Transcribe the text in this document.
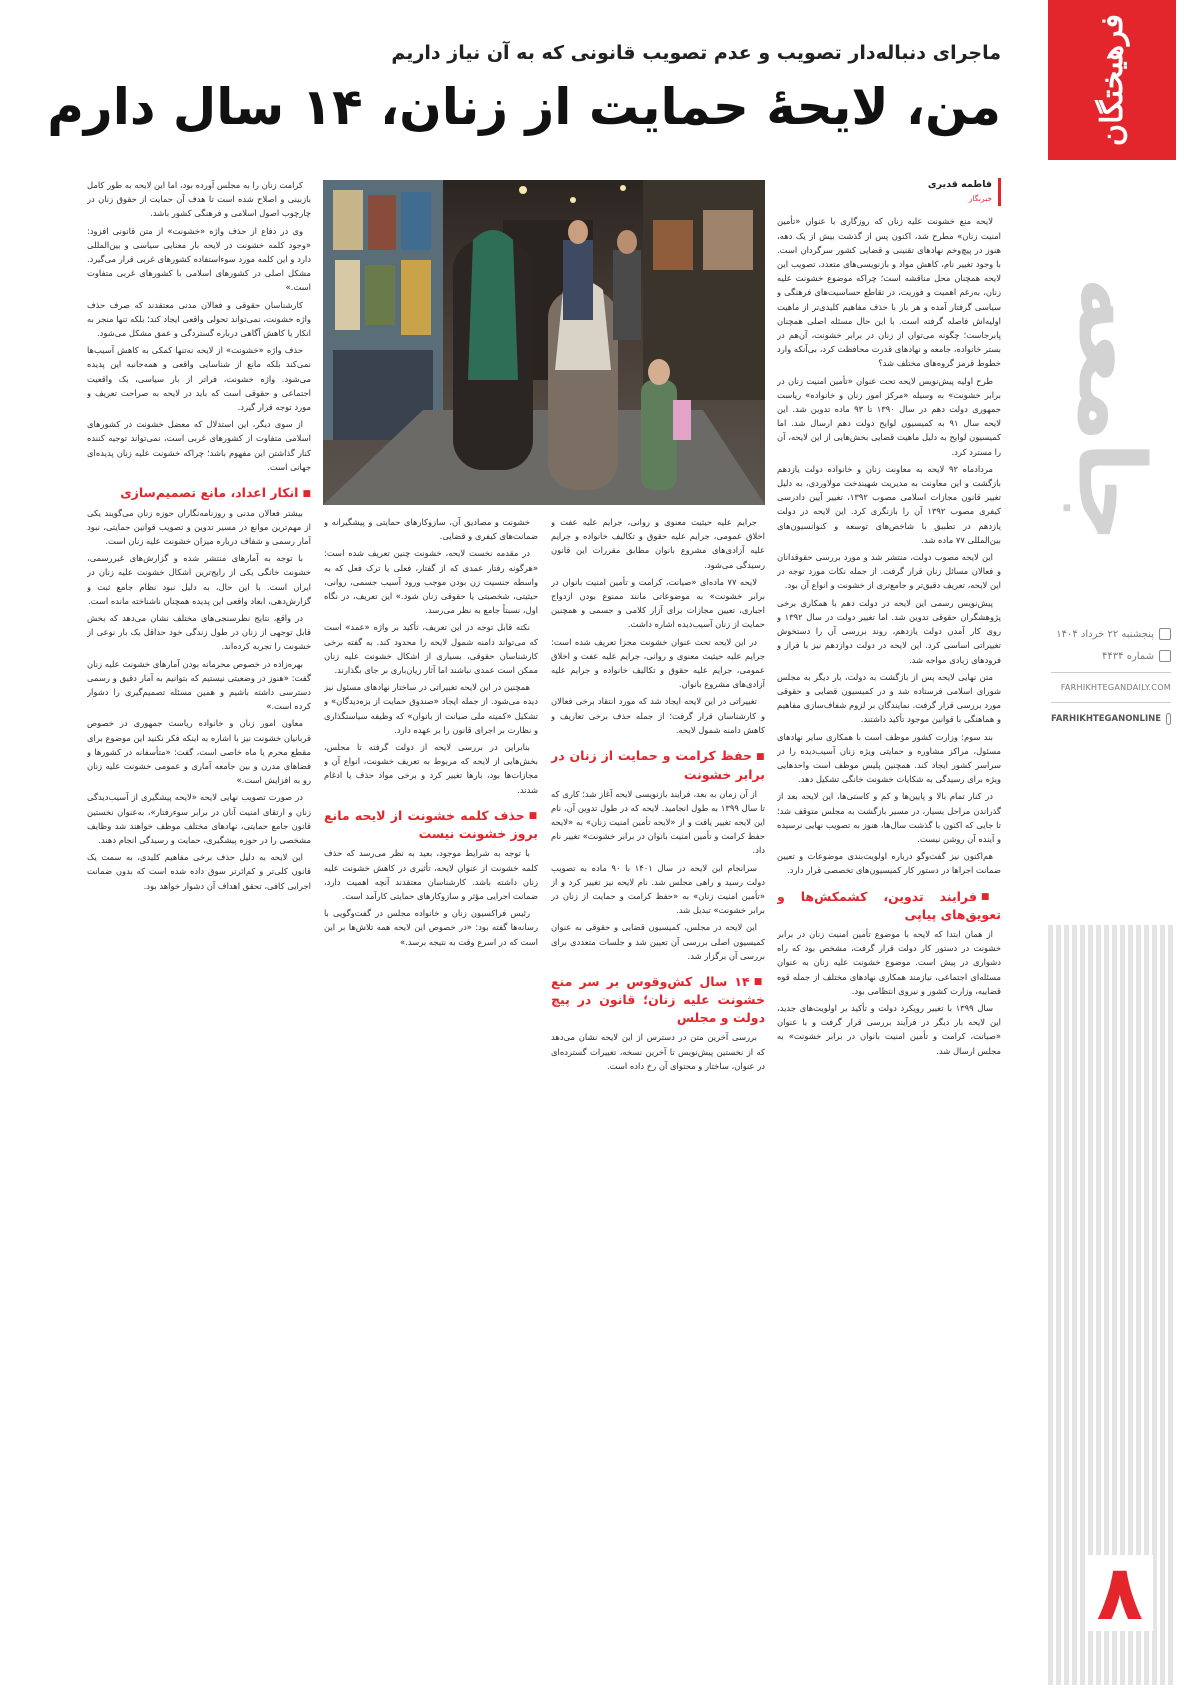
فرهیختگان
جامعه
پنجشنبه ۲۲ خرداد ۱۴۰۴
شماره ۴۴۳۴
FARHIKHTEGANDAILY.COM
FARHIKHTEGANONLINE
۸
ماجرای دنباله‌دار تصویب و عدم تصویب قانونی که به آن نیاز داریم
من، لایحۀ حمایت از زنان، ۱۴ سال دارم
فاطمه قدیری
خبرنگار

لایحه منع خشونت علیه زنان که روزگاری با عنوان «تأمین امنیت زنان» مطرح شد، اکنون پس از گذشت بیش از یک دهه، هنوز در پیچ‌وخم نهادهای تقنینی و قضایی کشور سرگردان است. با وجود تغییر نام، کاهش مواد و بازنویسی‌های متعدد، تصویب این لایحه همچنان محل مناقشه است؛ چراکه موضوع خشونت علیه زنان، به‌رغم اهمیت و فوریت، در تقاطع حساسیت‌های فرهنگی و سیاسی گرفتار آمده و هر بار با حذف مفاهیم کلیدی‌تر از ماهیت اولیه‌اش فاصله گرفته است. با این حال مسئله اصلی همچنان پابرجاست؛ چگونه می‌توان از زنان در برابر خشونت، آن‌هم در بستر خانواده، جامعه و نهادهای قدرت محافظت کرد، بی‌آنکه وارد خطوط قرمز گروه‌های مختلف شد؟

طرح اولیه پیش‌نویس لایحه تحت عنوان «تأمین امنیت زنان در برابر خشونت» به وسیله «مرکز امور زنان و خانواده» ریاست جمهوری دولت دهم در سال ۱۳۹۰ تا ۹۳ ماده تدوین شد. این لایحه سال ۹۱ به کمیسیون لوایح دولت دهم ارسال شد. اما کمیسیون لوایح به دلیل ماهیت قضایی بخش‌هایی از این لایحه، آن را مسترد کرد.

مرداد‌ماه ۹۲ لایحه به معاونت زنان و خانواده دولت یازدهم بازگشت و این معاونت به مدیریت شهیندخت مولاوردی، به دلیل تغییر قانون مجازات اسلامی مصوب ۱۳۹۲، تغییر آیین دادرسی کیفری مصوب ۱۳۹۲ آن را بازنگری کرد. این لایحه در دولت یازدهم در تطبیق با شاخص‌های توسعه و کنوانسیون‌های بین‌المللی ۷۷ ماده شد.

این لایحه مصوب دولت، منتشر شد و مورد بررسی حقوقدانان و فعالان مسائل زنان قرار گرفت. از جمله نکات مورد توجه در این لایحه، تعریف دقیق‌تر و جامع‌تری از خشونت و انواع آن بود.

پیش‌نویس رسمی این لایحه در دولت دهم با همکاری برخی پژوهشگران حقوقی تدوین شد. اما تغییر دولت در سال ۱۳۹۲ و روی کار آمدن دولت یازدهم، روند بررسی آن را دستخوش تغییراتی اساسی کرد. این لایحه در دولت دوازدهم نیز با فراز و فرودهای زیادی مواجه شد.

متن نهایی لایحه پس از بازگشت به دولت، بار دیگر به مجلس شورای اسلامی فرستاده شد و در کمیسیون قضایی و حقوقی مورد بررسی قرار گرفت. نمایندگان بر لزوم شفاف‌سازی مفاهیم و هماهنگی با قوانین موجود تأکید داشتند.

بند سوم: وزارت کشور موظف است با همکاری سایر نهادهای مسئول، مراکز مشاوره و حمایتی ویژه زنان آسیب‌دیده را در سراسر کشور ایجاد کند. همچنین پلیس موظف است واحدهایی ویژه برای رسیدگی به شکایات خشونت خانگی تشکیل دهد.

در کنار تمام بالا و پایین‌ها و کم و کاستی‌ها، این لایحه بعد از گذراندن مراحل بسیار، در مسیر بازگشت به مجلس متوقف شد؛ تا جایی که اکنون با گذشت سال‌ها، هنوز به تصویب نهایی نرسیده و آینده آن روشن نیست.

هم‌اکنون نیز گفت‌وگو درباره اولویت‌بندی موضوعات و تعیین ضمانت اجراها در دستور کار کمیسیون‌های تخصصی قرار دارد.

■ فرایند تدوین، کشمکش‌ها و تعویق‌های پیاپی

از همان ابتدا که لایحه با موضوع تأمین امنیت زنان در برابر خشونت در دستور کار دولت قرار گرفت، مشخص بود که راه دشواری در پیش است. موضوع خشونت علیه زنان به عنوان مسئله‌ای اجتماعی، نیازمند همکاری نهادهای مختلف از جمله قوه قضاییه، وزارت کشور و نیروی انتظامی بود.

سال ۱۳۹۹ با تغییر رویکرد دولت و تأکید بر اولویت‌های جدید، این لایحه بار دیگر در فرآیند بررسی قرار گرفت و با عنوان «صیانت، کرامت و تأمین امنیت بانوان در برابر خشونت» به مجلس ارسال شد.

جرایم علیه حیثیت معنوی و روانی، جرایم علیه عفت و اخلاق عمومی، جرایم علیه حقوق و تکالیف خانواده و جرایم علیه آزادی‌های مشروع بانوان مطابق مقررات این قانون رسیدگی می‌شود.

لایحه ۷۷ ماده‌ای «صیانت، کرامت و تأمین امنیت بانوان در برابر خشونت» به موضوعاتی مانند ممنوع بودن ازدواج اجباری، تعیین مجازات برای آزار کلامی و جسمی و همچنین حمایت از زنان آسیب‌دیده اشاره داشت.

در این لایحه تحت عنوان خشونت مجزا تعریف شده است: جرایم علیه حیثیت معنوی و روانی، جرایم علیه عفت و اخلاق عمومی، جرایم علیه حقوق و تکالیف خانواده و جرایم علیه آزادی‌های مشروع بانوان.

تغییراتی در این لایحه ایجاد شد که مورد انتقاد برخی فعالان و کارشناسان قرار گرفت؛ از جمله حذف برخی تعاریف و کاهش دامنه شمول لایحه.

■ حفظ کرامت و حمایت از زنان در برابر خشونت

از آن زمان به بعد، فرایند بازنویسی لایحه آغاز شد؛ کاری که تا سال ۱۳۹۹ به طول انجامید. لایحه که در طول تدوین آن، نام این لایحه تغییر یافت و از «لایحه تأمین امنیت زنان» به «لایحه حفظ کرامت و تأمین امنیت بانوان در برابر خشونت» تغییر نام داد.

سرانجام این لایحه در سال ۱۴۰۱ با ۹۰ ماده به تصویب دولت رسید و راهی مجلس شد. نام لایحه نیز تغییر کرد و از «تأمین امنیت زنان» به «حفظ کرامت و حمایت از زنان در برابر خشونت» تبدیل شد.

این لایحه در مجلس، کمیسیون قضایی و حقوقی به عنوان کمیسیون اصلی بررسی آن تعیین شد و جلسات متعددی برای بررسی آن برگزار شد.

■ ۱۴ سال کش‌وقوس بر سر منع خشونت علیه زنان؛ قانون در پیچ دولت و مجلس

بررسی آخرین متن در دسترس از این لایحه نشان می‌دهد که از نخستین پیش‌نویس تا آخرین نسخه، تغییرات گسترده‌ای در عنوان، ساختار و محتوای آن رخ داده است.

خشونت و مصادیق آن، سازوکارهای حمایتی و پیشگیرانه و ضمانت‌های کیفری و قضایی.

در مقدمه نخست لایحه، خشونت چنین تعریف شده است: «هرگونه رفتار عمدی که از گفتار، فعلی یا ترک فعل که به واسطه جنسیت زن بودن موجب ورود آسیب جسمی، روانی، حیثیتی، شخصیتی یا حقوقی زنان شود.» این تعریف، در نگاه اول، نسبتاً جامع به نظر می‌رسد.

نکته قابل توجه در این تعریف، تأکید بر واژه «عمد» است که می‌تواند دامنه شمول لایحه را محدود کند. به گفته برخی کارشناسان حقوقی، بسیاری از اشکال خشونت علیه زنان ممکن است عمدی نباشند اما آثار زیان‌باری بر جای بگذارند.

همچنین در این لایحه تغییراتی در ساختار نهادهای مسئول نیز دیده می‌شود. از جمله ایجاد «صندوق حمایت از بزه‌دیدگان» و تشکیل «کمیته ملی صیانت از بانوان» که وظیفه سیاستگذاری و نظارت بر اجرای قانون را بر عهده دارد.

بنابراین در بررسی لایحه از دولت گرفته تا مجلس، بخش‌هایی از لایحه که مربوط به تعریف خشونت، انواع آن و مجازات‌ها بود، بارها تغییر کرد و برخی مواد حذف یا ادغام شدند.

■ حذف کلمه خشونت از لایحه مانع بروز خشونت نیست

با توجه به شرایط موجود، بعید به نظر می‌رسد که حذف کلمه خشونت از عنوان لایحه، تأثیری در کاهش خشونت علیه زنان داشته باشد. کارشناسان معتقدند آنچه اهمیت دارد، ضمانت اجرایی مؤثر و سازوکارهای حمایتی کارآمد است.

رئیس فراکسیون زنان و خانواده مجلس در گفت‌وگویی با رسانه‌ها گفته بود: «در خصوص این لایحه همه تلاش‌ها بر این است که در اسرع وقت به نتیجه برسد.»

کرامت زنان را به مجلس آورده بود، اما این لایحه به طور کامل بازبینی و اصلاح شده است تا هدف آن حمایت از حقوق زنان در چارچوب اصول اسلامی و فرهنگی کشور باشد.

وی در دفاع از حذف واژه «خشونت» از متن قانونی افزود: «وجود کلمه خشونت در لایحه بار معنایی سیاسی و بین‌المللی دارد و این کلمه مورد سوءاستفاده کشورهای غربی قرار می‌گیرد. مشکل اصلی در کشورهای اسلامی با کشورهای غربی متفاوت است.»

کارشناسان حقوقی و فعالان مدنی معتقدند که صرف حذف واژه خشونت، نمی‌تواند تحولی واقعی ایجاد کند؛ بلکه تنها منجر به انکار یا کاهش آگاهی درباره گستردگی و عمق مشکل می‌شود.

حذف واژه «خشونت» از لایحه نه‌تنها کمکی به کاهش آسیب‌ها نمی‌کند بلکه مانع از شناسایی واقعی و همه‌جانبه این پدیده می‌شود. واژه خشونت، فراتر از بار سیاسی، یک واقعیت اجتماعی و حقوقی است که باید در لایحه به صراحت تعریف و مورد توجه قرار گیرد.

از سوی دیگر، این استدلال که معضل خشونت در کشورهای اسلامی متفاوت از کشورهای غربی است، نمی‌تواند توجیه کننده کنار گذاشتن این مفهوم باشد؛ چراکه خشونت علیه زنان پدیده‌ای جهانی است.

■ انکار اعداد، مانع تصمیم‌سازی

بیشتر فعالان مدنی و روزنامه‌نگاران حوزه زنان می‌گویند یکی از مهم‌ترین موانع در مسیر تدوین و تصویب قوانین حمایتی، نبود آمار رسمی و شفاف درباره میزان خشونت علیه زنان است.

با توجه به آمارهای منتشر شده و گزارش‌های غیررسمی، خشونت خانگی یکی از رایج‌ترین اشکال خشونت علیه زنان در ایران است. با این حال، به دلیل نبود نظام جامع ثبت و گزارش‌دهی، ابعاد واقعی این پدیده همچنان ناشناخته مانده است.

در واقع، نتایج نظرسنجی‌های مختلف نشان می‌دهد که بخش قابل توجهی از زنان در طول زندگی خود حداقل یک بار نوعی از خشونت را تجربه کرده‌اند.

بهره‌زاده در خصوص محرمانه بودن آمارهای خشونت علیه زنان گفت: «هنوز در وضعیتی نیستیم که بتوانیم به آمار دقیق و رسمی دسترسی داشته باشیم و همین مسئله تصمیم‌گیری را دشوار کرده است.»

معاون امور زنان و خانواده ریاست جمهوری در خصوص قربانیان خشونت نیز با اشاره به اینکه فکر نکنید این موضوع برای مقطع محرم یا ماه خاصی است، گفت: «متأسفانه در کشورها و فضاهای مدرن و بین جامعه آماری و عمومی خشونت علیه زنان رو به افزایش است.»

در صورت تصویب نهایی لایحه «لایحه پیشگیری از آسیب‌دیدگی زنان و ارتقای امنیت آنان در برابر سوءرفتار»، به‌عنوان نخستین قانون جامع حمایتی، نهادهای مختلف موظف خواهند شد وظایف مشخصی را در حوزه پیشگیری، حمایت و رسیدگی انجام دهند.

این لایحه به دلیل حذف برخی مفاهیم کلیدی، به سمت یک قانون کلی‌تر و کم‌اثرتر سوق داده شده است که بدون ضمانت اجرایی کافی، تحقق اهداف آن دشوار خواهد بود.
